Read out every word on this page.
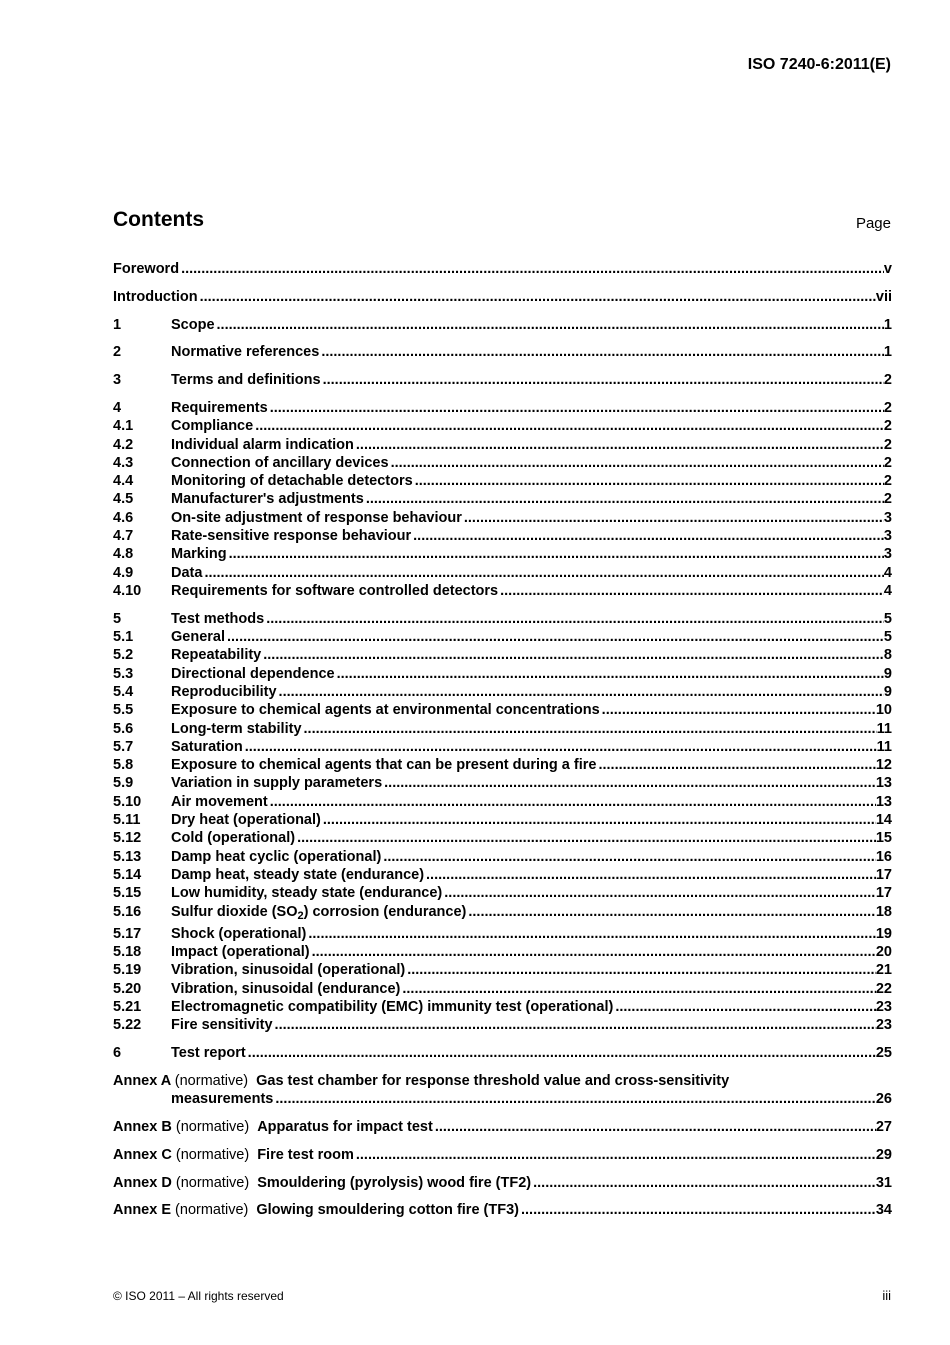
ISO 7240-6:2011(E)
Contents	Page
Foreword .....	v
Introduction .....	vii
1	Scope .....	1
2	Normative references .....	1
3	Terms and definitions .....	2
4	Requirements .....	2
4.1	Compliance .....	2
4.2	Individual alarm indication .....	2
4.3	Connection of ancillary devices .....	2
4.4	Monitoring of detachable detectors .....	2
4.5	Manufacturer's adjustments .....	2
4.6	On-site adjustment of response behaviour .....	3
4.7	Rate-sensitive response behaviour .....	3
4.8	Marking .....	3
4.9	Data .....	4
4.10	Requirements for software controlled detectors .....	4
5	Test methods .....	5
5.1	General .....	5
5.2	Repeatability .....	8
5.3	Directional dependence .....	9
5.4	Reproducibility .....	9
5.5	Exposure to chemical agents at environmental concentrations .....	10
5.6	Long-term stability .....	11
5.7	Saturation .....	11
5.8	Exposure to chemical agents that can be present during a fire .....	12
5.9	Variation in supply parameters .....	13
5.10	Air movement .....	13
5.11	Dry heat (operational) .....	14
5.12	Cold (operational) .....	15
5.13	Damp heat cyclic (operational) .....	16
5.14	Damp heat, steady state (endurance) .....	17
5.15	Low humidity, steady state (endurance) .....	17
5.16	Sulfur dioxide $(SO_2)$ corrosion (endurance) .....	18
5.17	Shock (operational) .....	19
5.18	Impact (operational) .....	20
5.19	Vibration, sinusoidal (operational) .....	21
5.20	Vibration, sinusoidal (endurance) .....	22
5.21	Electromagnetic compatibility (EMC) immunity test (operational) .....	23
5.22	Fire sensitivity .....	23
6	Test report .....	25
Annex A (normative) Gas test chamber for response threshold value and cross-sensitivity
measurements .....	26
Annex B (normative) Apparatus for impact test .....	27
Annex C (normative) Fire test room .....	29
Annex D (normative) Smouldering (pyrolysis) wood fire (TF2) .....	31
Annex E (normative) Glowing smouldering cotton fire (TF3) .....	34
© ISO 2011 – All rights reserved	iii
